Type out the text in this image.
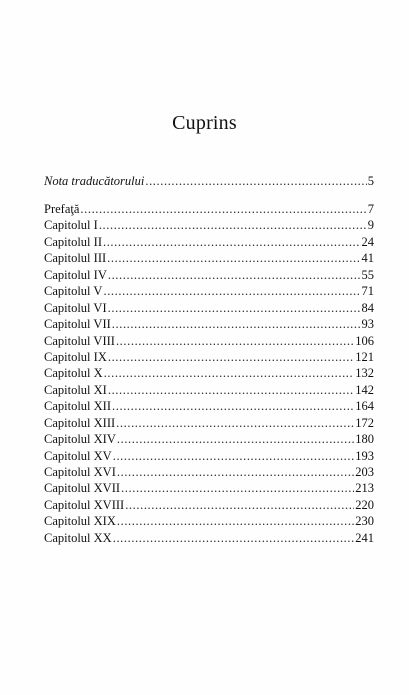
Cuprins
Nota traducătorului .....	5
Prefaţă .....	7
Capitolul I .....	9
Capitolul II .....	24
Capitolul III .....	41
Capitolul IV .....	55
Capitolul V .....	71
Capitolul VI .....	84
Capitolul VII .....	93
Capitolul VIII .....	106
Capitolul IX .....	121
Capitolul X .....	132
Capitolul XI .....	142
Capitolul XII .....	164
Capitolul XIII .....	172
Capitolul XIV .....	180
Capitolul XV .....	193
Capitolul XVI .....	203
Capitolul XVII .....	213
Capitolul XVIII .....	220
Capitolul XIX .....	230
Capitolul XX .....	241
